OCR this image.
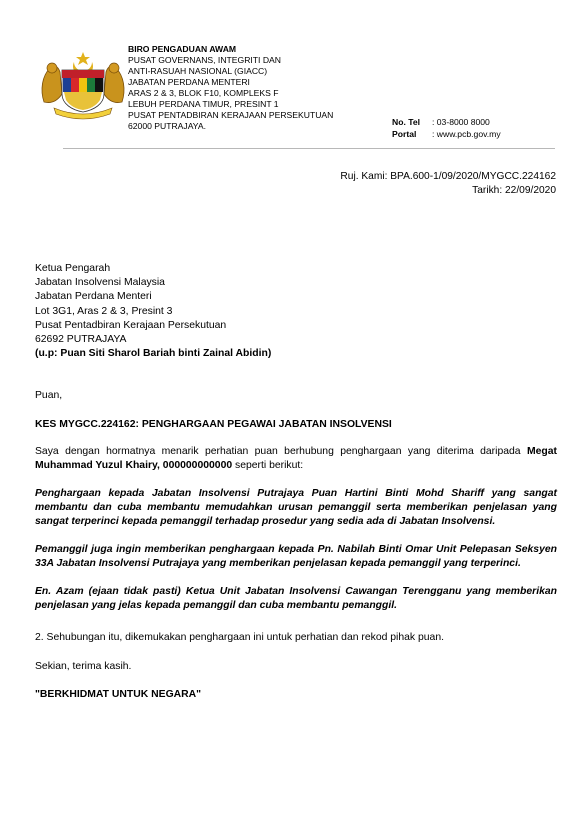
BIRO PENGADUAN AWAM
PUSAT GOVERNANS, INTEGRITI DAN
ANTI-RASUAH NASIONAL (GIACC)
JABATAN PERDANA MENTERI
ARAS 2 & 3, BLOK F10, KOMPLEKS F
LEBUH PERDANA TIMUR, PRESINT 1
PUSAT PENTADBIRAN KERAJAAN PERSEKUTUAN
62000 PUTRAJAYA.	No. Tel : 03-8000 8000
Portal : www.pcb.gov.my
Ruj. Kami: BPA.600-1/09/2020/MYGCC.224162
Tarikh: 22/09/2020
Ketua Pengarah
Jabatan Insolvensi Malaysia
Jabatan Perdana Menteri
Lot 3G1, Aras 2 & 3, Presint 3
Pusat Pentadbiran Kerajaan Persekutuan
62692 PUTRAJAYA
(u.p: Puan Siti Sharol Bariah binti Zainal Abidin)
Puan,
KES MYGCC.224162: PENGHARGAAN PEGAWAI JABATAN INSOLVENSI
Saya dengan hormatnya menarik perhatian puan berhubung penghargaan yang diterima daripada Megat Muhammad Yuzul Khairy, 000000000000 seperti berikut:
Penghargaan kepada Jabatan Insolvensi Putrajaya Puan Hartini Binti Mohd Shariff yang sangat membantu dan cuba membantu memudahkan urusan pemanggil serta memberikan penjelasan yang sangat terperinci kepada pemanggil terhadap prosedur yang sedia ada di Jabatan Insolvensi.
Pemanggil juga ingin memberikan penghargaan kepada Pn. Nabilah Binti Omar Unit Pelepasan Seksyen 33A Jabatan Insolvensi Putrajaya yang memberikan penjelasan kepada pemanggil yang terperinci.
En. Azam (ejaan tidak pasti) Ketua Unit Jabatan Insolvensi Cawangan Terengganu yang memberikan penjelasan yang jelas kepada pemanggil dan cuba membantu pemanggil.
2. Sehubungan itu, dikemukakan penghargaan ini untuk perhatian dan rekod pihak puan.
Sekian, terima kasih.
"BERKHIDMAT UNTUK NEGARA"
